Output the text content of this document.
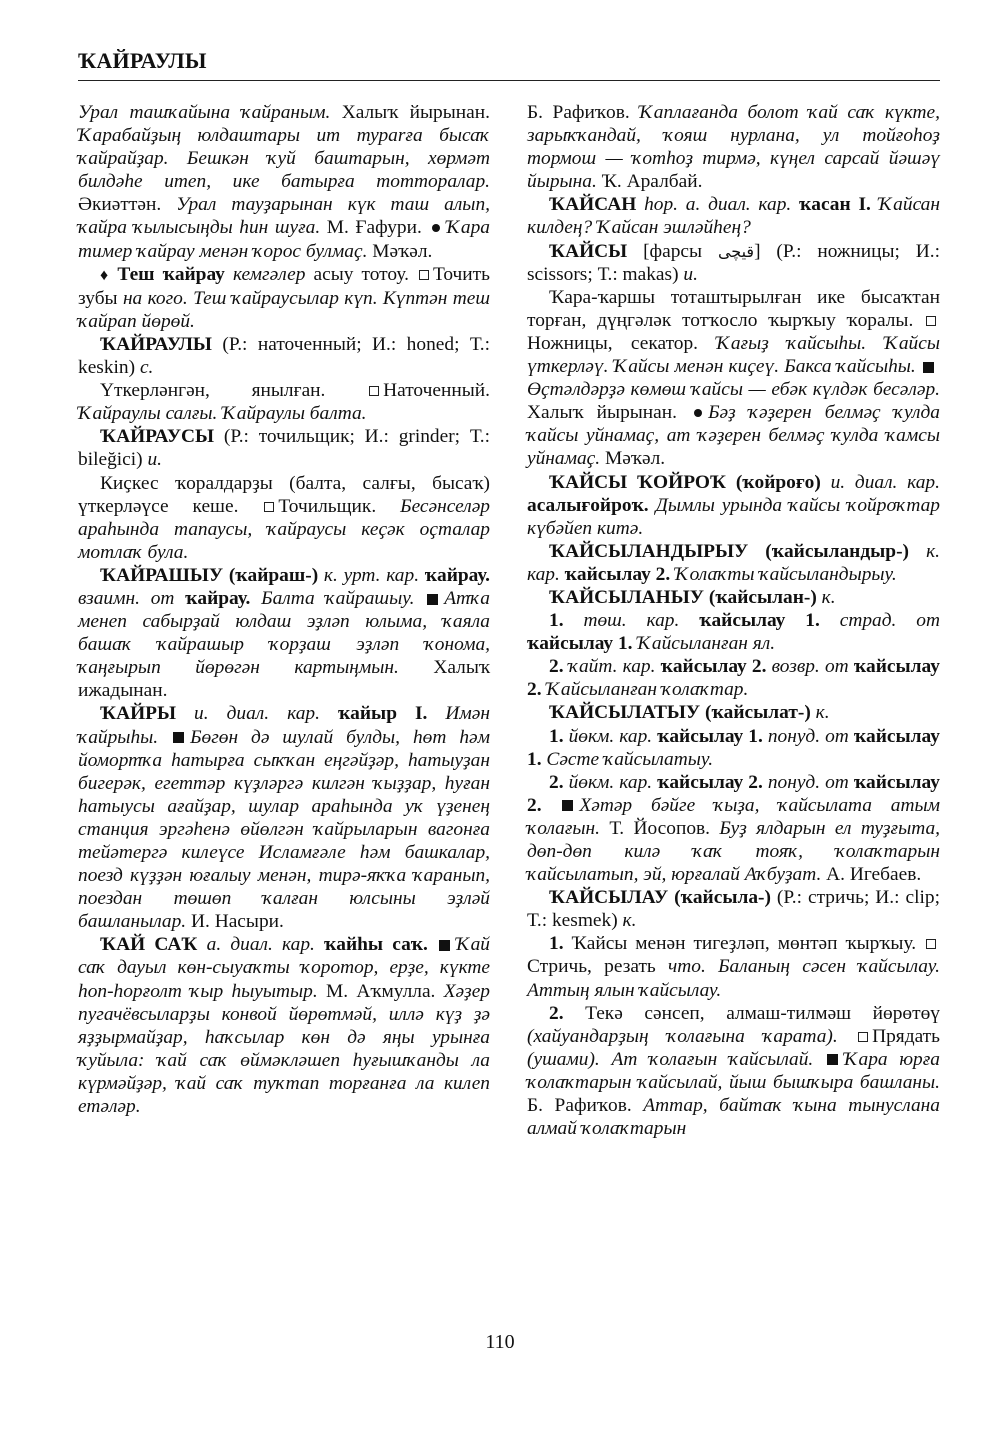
ҠАЙРАУЛЫ

Урал ташҡайына ҡайраным. Халыҡ йырынан. Ҡарабайҙың юлдаштары ит тураrға бысаҡ ҡайрайҙар. Бешкән ҡуй баштарын, хөрмәт билдәһе итеп, ике батырға тотторалар. Әкиәттән. Урал тауҙарынан күк таш алып, ҡайра ҡылысыңды һин шуға. М. Ғафури. Ҡара тимер ҡайрау менән ҡорос булмаҫ. Мәҡәл.

♦ Теш ҡайрау кемгәлер асыу тотоу. Точить зубы на кого. Теш ҡайраусылар күп. Күптән теш ҡайрап йөрөй.

ҠАЙРАУЛЫ (Р.: наточенный; И.: honed; Т.: keskin) с.

Үткерләнгән, янылған. Наточенный. Ҡайраулы салғы. Ҡайраулы балта.

ҠАЙРАУСЫ (Р.: точильщик; И.: grinder; Т.: bileğici) и.

Киҫкес ҡоралдарҙы (балта, салғы, бысаҡ) үткерләүсе кеше. Точильщик. Бесәнселәр араһында тапаусы, ҡайраусы кеҫәк оҫталар мотлаҡ була.

ҠАЙРАШЫУ (ҡайраш-) к. урт. кар. ҡайрау. взаимн. от ҡайрау. Балта ҡайрашыу. Атҡа менеп сабырҙай юлдаш эҙләп юлыма, ҡаяла башаҡ ҡайрашыр ҡорҙаш эҙләп ҡонома, ҡаңғырып йөрөгән картыңмын. Халыҡ ижадынан.

ҠАЙРЫ и. диал. кар. ҡайыр I. Имән ҡайрыһы. Бөгөн дә шулай булды, һөт һәм йомортҡа һатырға сыҡҡан еңгәйҙәр, һатыуҙан бигерәк, егеттәр күҙләргә килгән ҡыҙҙар, һуған һатыусы ағайҙар, шулар араһында уҡ үҙенең станция эргәһенә өйөлгән ҡайрыларын вагонға тейәтергә килеүсе Исламғәле һәм башкалар, поезд күҙҙән юғалыу менән, тирә-яҡҡа ҡаранып, поездан төшөп ҡалған юлсыны эҙләй башланылар. И. Насыри.

ҠАЙ САҠ а. диал. кар. ҡайһы саҡ. Ҡай саҡ дауыл көн-сыуаҡты ҡоротор, ерҙе, күкте һоп-һорғолт ҡыр һыуытыр. М. Аҡмулла. Хәҙер пугачёвсыларҙы конвой йөрөтмәй, иллә күҙ ҙә яҙҙырмайҙар, һаҡсылар көн дә яңы урынға ҡуйыла: ҡай саҡ өймәкләшеп һуғышҡанды ла күрмәйҙәр, ҡай саҡ туҡтап торғанға ла килеп етәләр.

Б. Рафиҡов. Ҡаплағанда болот ҡай саҡ күкте, зарыҡҡандай, ҡояш нурлана, ул тойғоһоҙ тормош — ҡотһоҙ тирмә, күңел сарсай йәшәү йырына. Ҡ. Аралбай.

ҠАЙСАН һор. а. диал. кар. ҡасан I. Ҡайсан килдең? Ҡайсан эшләйһең?

ҠАЙСЫ [фарсы قیچی] (Р.: ножницы; И.: scissors; Т.: makas) и.

Ҡара-ҡаршы тоташтырылған ике бысаҡтан торған, дүңгәләк тотҡосло ҡырҡыу ҡоралы. Ножницы, секатор. Ҡағыҙ ҡайсыһы. Ҡайсы үткерләү. Ҡайсы менән киҫеү. Бакса ҡайсыһы. Өҫтәлдәрҙә көмөш ҡайсы — ебәк күлдәк бесәләр. Халыҡ йырынан. Бәҙ ҡәҙерен белмәҫ ҡулда ҡайсы уйнамаҫ, ат ҡәҙерен белмәҫ ҡулда ҡамсы уйнамаҫ. Мәҡәл.

ҠАЙСЫ ҠОЙРОҠ (ҡойроғо) и. диал. кар. асалығойроҡ. Дымлы урында ҡайсы ҡойроҡтар күбәйеп китә.

ҠАЙСЫЛАНДЫРЫУ (ҡайсыландыр-) к. кар. ҡайсылау 2. Ҡолаҡты ҡайсыландырыу.

ҠАЙСЫЛАНЫУ (ҡайсылан-) к.

1. төш. кар. ҡайсылау 1. страд. от ҡайсылау 1. Ҡайсыланған ял.

2. ҡайт. кар. ҡайсылау 2. возвр. от ҡайсылау 2. Ҡайсыланған ҡолаҡтар.

ҠАЙСЫЛАТЫУ (ҡайсылат-) к.

1. йөкм. кар. ҡайсылау 1. понуд. от ҡайсылау 1. Сәсте ҡайсылатыу.

2. йөкм. кар. ҡайсылау 2. понуд. от ҡайсылау 2. Хәтәр бәйге ҡыҙа, ҡайсылата атым ҡолағын. Т. Йосопов. Буҙ ялдарын ел туҙғыта, дөп-дөп килә ҡаҡ тояҡ, ҡолаҡтарын ҡайсылатып, эй, юрғалай Аҡбуҙат. А. Игебаев.

ҠАЙСЫЛАУ (ҡайсыла-) (Р.: стричь; И.: clip; Т.: kesmek) к.

1. Ҡайсы менән тигеҙләп, мөнтәп ҡырҡыу. Стричь, резать что. Баланың сәсен ҡайсылау. Аттың ялын ҡайсылау.

2. Текә сәнсеп, алмаш-тилмәш йөрөтөү (хайуандарҙың ҡолағына ҡарата). Прядать (ушами). Ат ҡолағын ҡайсылай. Ҡара юрға ҡолаҡтарын ҡайсылай, йыш бышҡыра башланы. Б. Рафиҡов. Аттар, байтаҡ ҡына тынyслана алмай ҡолаҡтарын

110
